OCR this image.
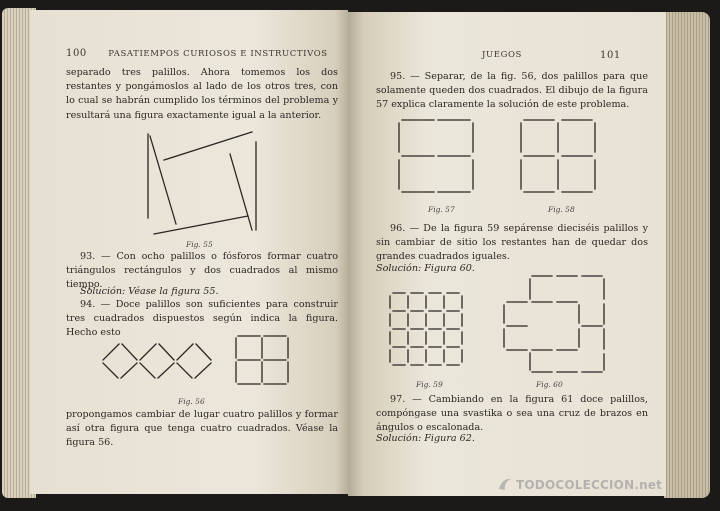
100	PASATIEMPOS CURIOSOS E INSTRUCTIVOS

separado tres palillos. Ahora tomemos los dos restantes y pongámoslos al lado de los otros tres, con lo cual se habrán cumplido los términos del problema y resultará una figura exactamente igual a la anterior.

Fig. 55

93. — Con ocho palillos o fósforos formar cuatro triángulos rectángulos y dos cuadrados al mismo tiempo.

Solución: Véase la figura 55.

94. — Doce palillos son suficientes para construir tres cuadrados dispuestos según indica la figura. Hecho esto

Fig. 56

propongamos cambiar de lugar cuatro palillos y formar así otra figura que tenga cuatro cuadrados. Véase la figura 56.

JUEGOS	101

95. — Separar, de la fig. 56, dos palillos para que solamente queden dos cuadrados. El dibujo de la figura 57 explica claramente la solución de este problema.

Fig. 57	Fig. 58

96. — De la figura 59 sepárense dieciséis palillos y sin cambiar de sitio los restantes han de quedar dos grandes cuadrados iguales.

Solución: Figura 60.

Fig. 59	Fig. 60

97. — Cambiando en la figura 61 doce palillos, compóngase una svastika o sea una cruz de brazos en ángulos o escalonada.

Solución: Figura 62.

TODOCOLECCION.net
